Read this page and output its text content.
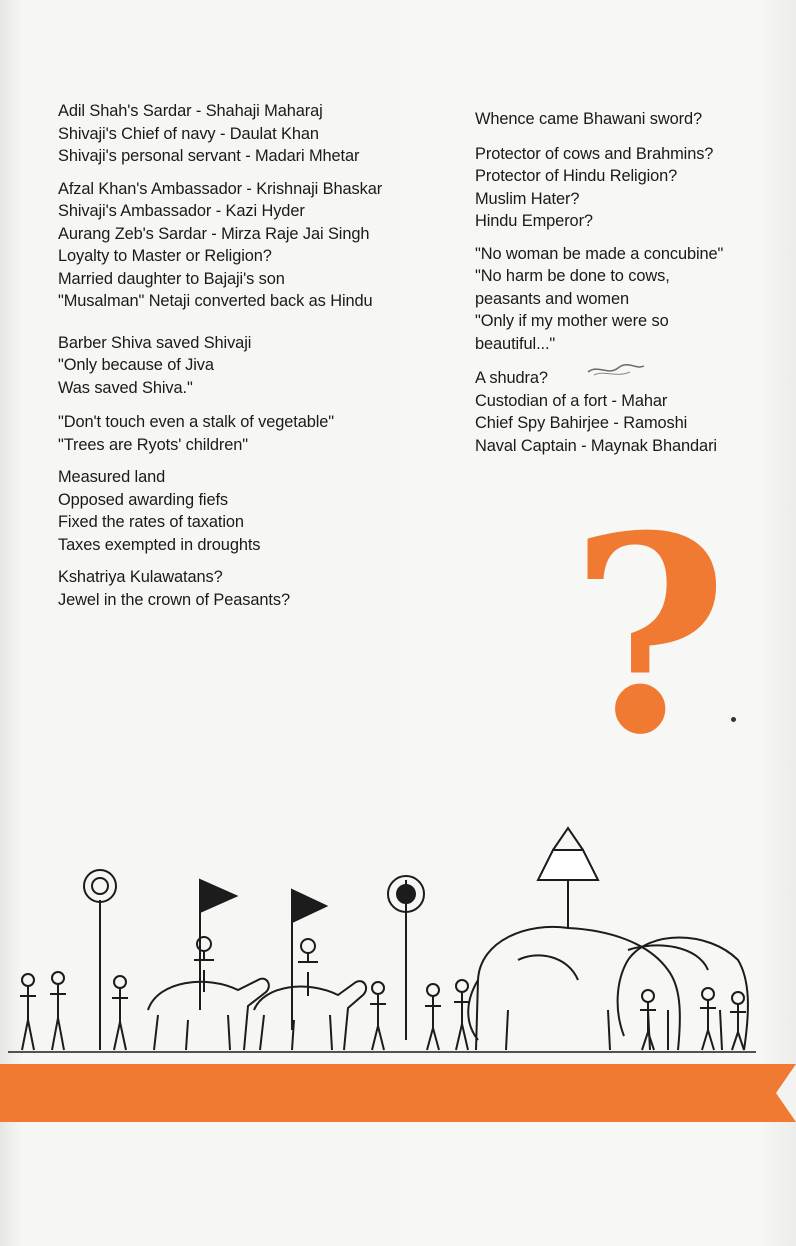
Adil Shah's Sardar - Shahaji Maharaj
Shivaji's Chief of navy - Daulat Khan
Shivaji's personal servant - Madari Mhetar
Afzal Khan's Ambassador - Krishnaji Bhaskar
Shivaji's Ambassador - Kazi Hyder
Aurang Zeb's Sardar - Mirza Raje Jai Singh
Loyalty to Master or Religion?
Married daughter to Bajaji's son
"Musalman" Netaji converted back as Hindu
Barber Shiva saved Shivaji
"Only because of Jiva
Was saved Shiva."
"Don't touch even a stalk of vegetable"
"Trees are Ryots' children"
Measured land
Opposed awarding fiefs
Fixed the rates of taxation
Taxes exempted in droughts
Kshatriya Kulawatans?
Jewel in the crown of Peasants?
Whence came Bhawani sword?
Protector of cows and Brahmins?
Protector of Hindu Religion?
Muslim Hater?
Hindu Emperor?
"No woman be made a concubine"
"No harm be done to cows,
peasants and women
"Only if my mother were so
beautiful..."
A shudra?
Custodian of a fort - Mahar
Chief Spy Bahirjee - Ramoshi
Naval Captain - Maynak Bhandari
?
